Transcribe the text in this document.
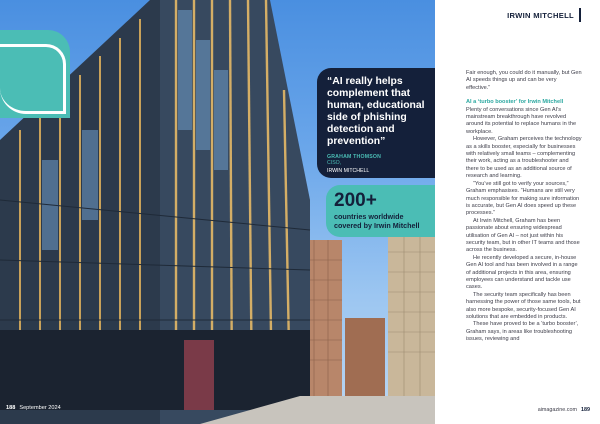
“AI really helps complement that human, educational side of phishing detection and prevention”
GRAHAM THOMSON
CISO,
IRWIN MITCHELL
200+
countries worldwide covered by Irwin Mitchell
188 September 2024
IRWIN MITCHELL

Fair enough, you could do it manually, but Gen AI speeds things up and can be very effective.”

AI a ‘turbo booster’ for Irwin Mitchell

Plenty of conversations since Gen AI’s mainstream breakthrough have revolved around its potential to replace humans in the workplace.

However, Graham perceives the technology as a skills booster, especially for businesses with relatively small teams – complementing their work, acting as a troubleshooter and there to be used as an additional source of research and learning.

“You’ve still got to verify your sources,” Graham emphasises. “Humans are still very much responsible for making sure information is accurate, but Gen AI does speed up these processes.”

At Irwin Mitchell, Graham has been passionate about ensuring widespread utilisation of Gen AI – not just within his security team, but in other IT teams and those across the business.

He recently developed a secure, in-house Gen AI tool and has been involved in a range of additional projects in this area, ensuring employees can understand and tackle use cases.

The security team specifically has been harnessing the power of those same tools, but also more bespoke, security-focused Gen AI solutions that are embedded in products.

These have proved to be a ‘turbo booster’, Graham says, in areas like troubleshooting issues, reviewing and

aimagazine.com 189
